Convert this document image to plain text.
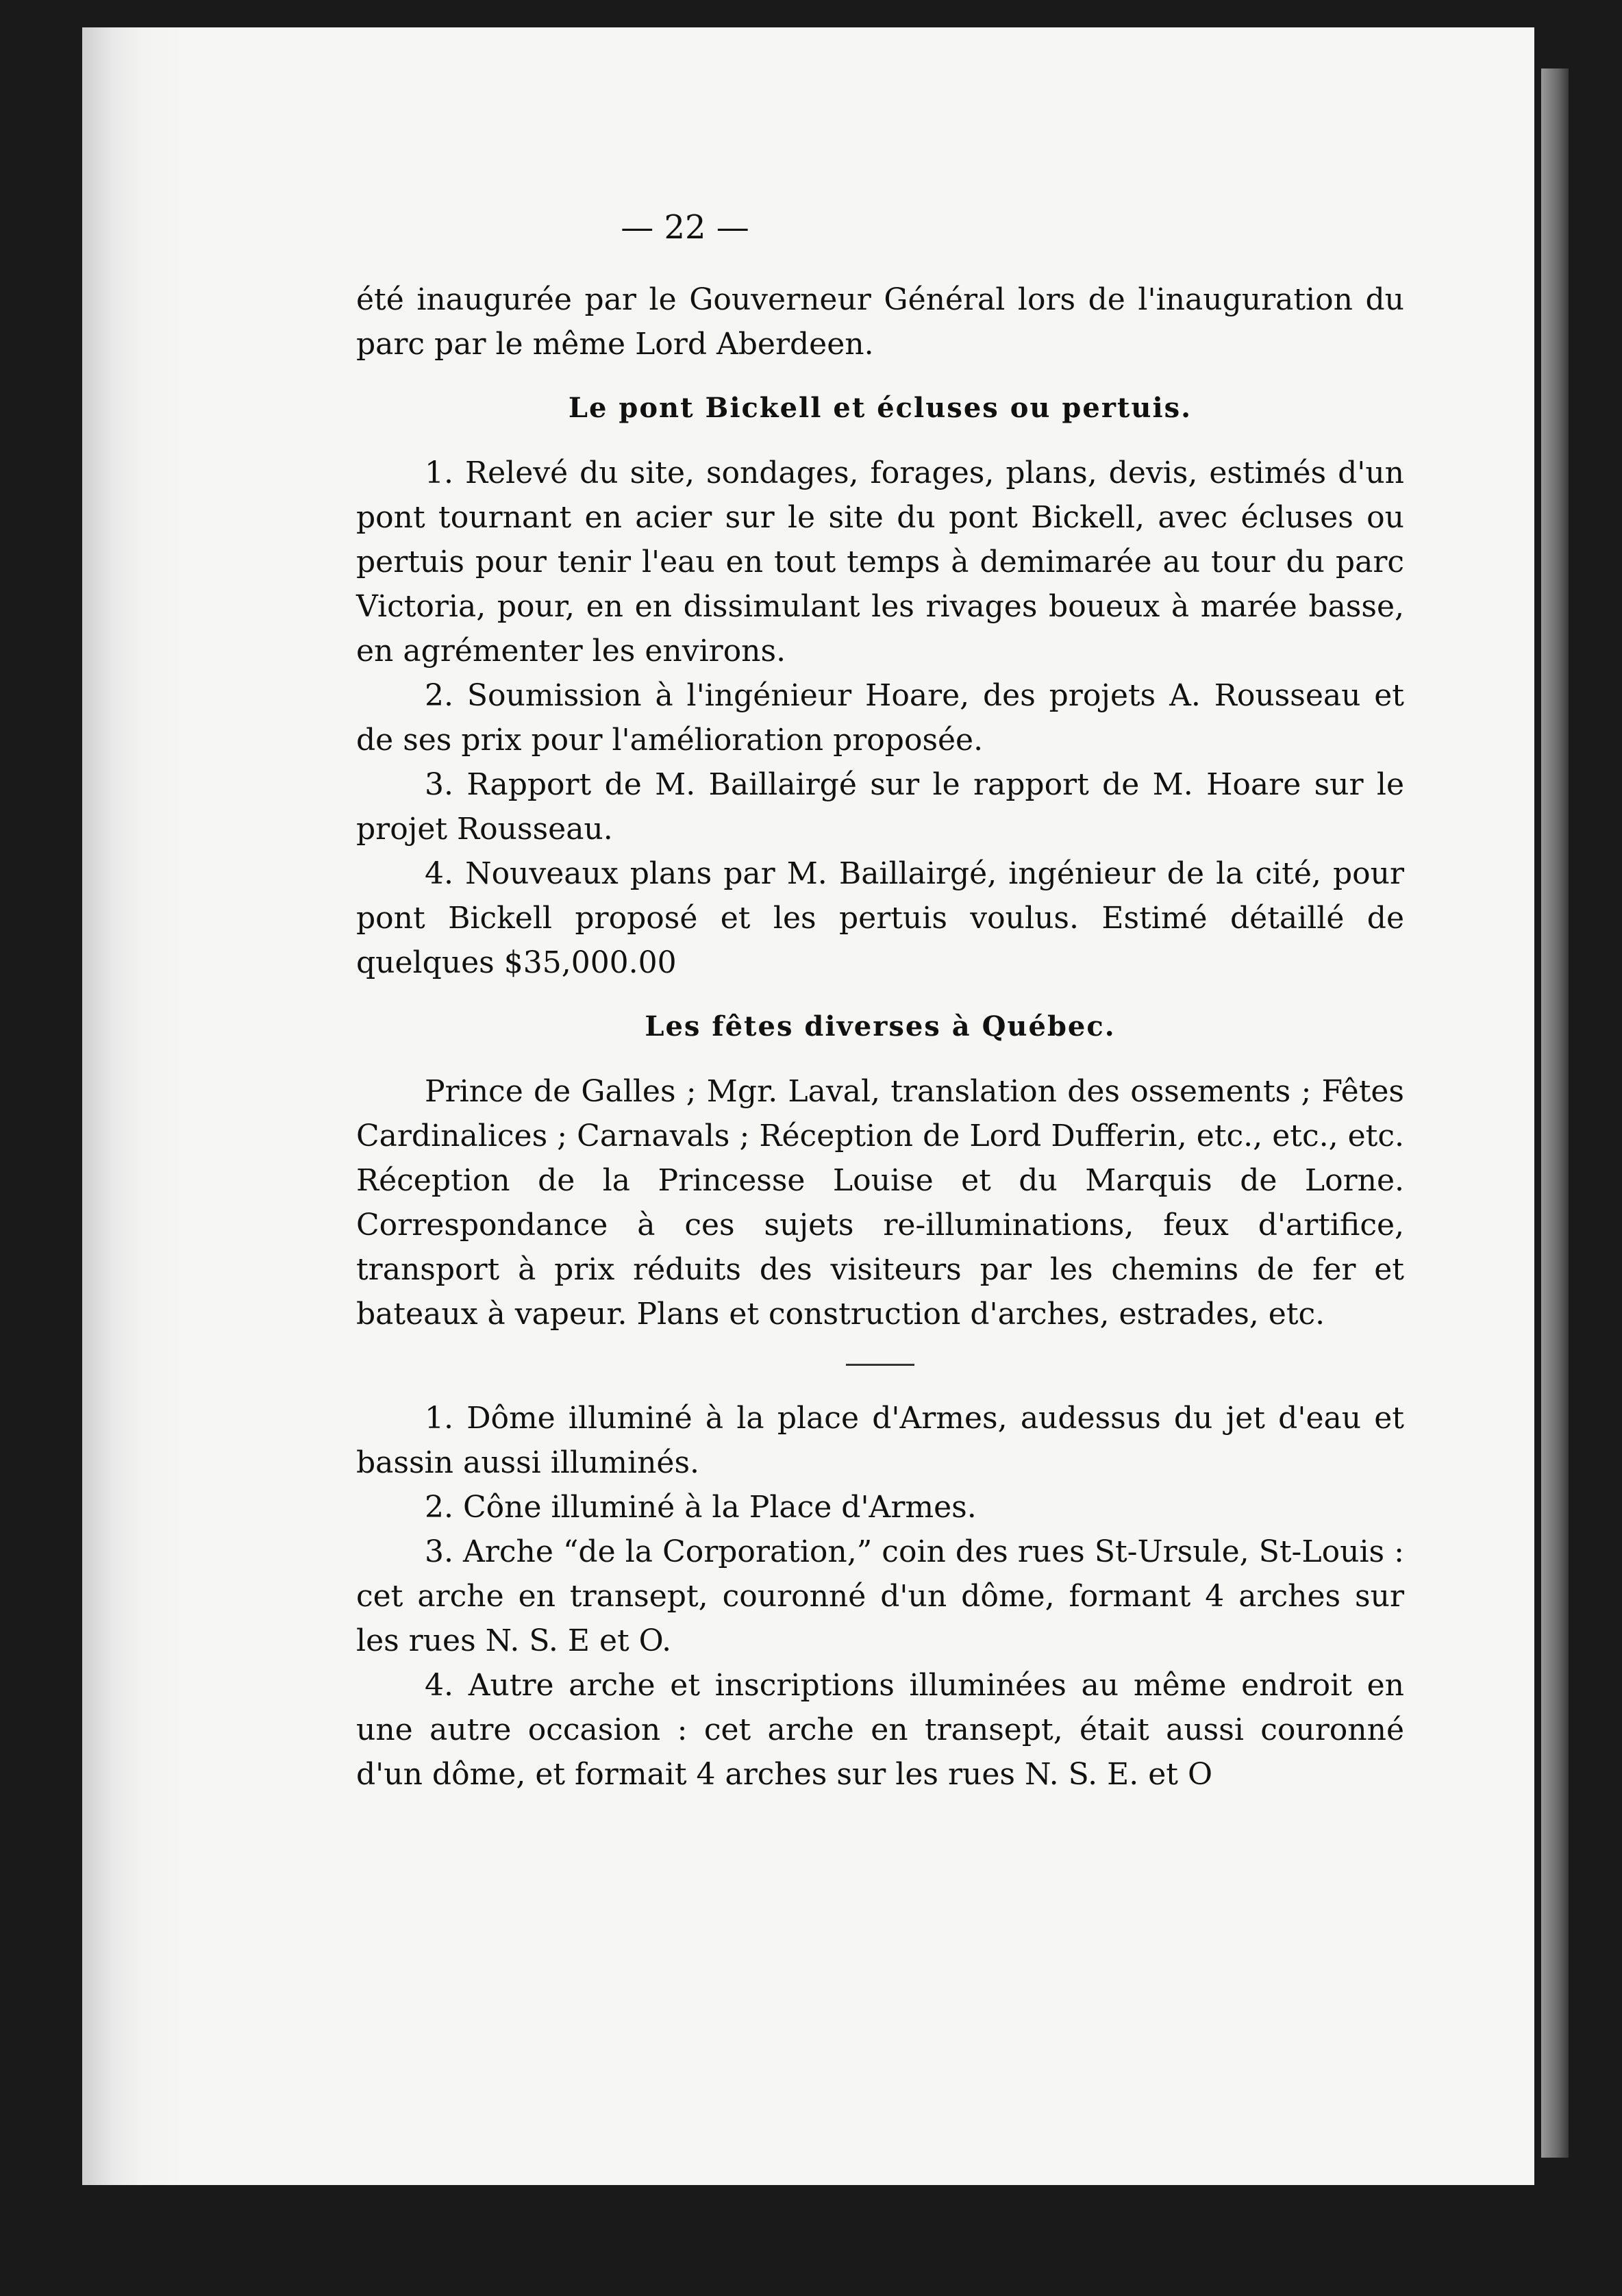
— 22 —

été inaugurée par le Gouverneur Général lors de l'inauguration du parc par le même Lord Aberdeen.

Le pont Bickell et écluses ou pertuis.

1. Relevé du site, sondages, forages, plans, devis, estimés d'un pont tournant en acier sur le site du pont Bickell, avec écluses ou pertuis pour tenir l'eau en tout temps à demimarée au tour du parc Victoria, pour, en en dissimulant les rivages boueux à marée basse, en agrémenter les environs.

2. Soumission à l'ingénieur Hoare, des projets A. Rousseau et de ses prix pour l'amélioration proposée.

3. Rapport de M. Baillairgé sur le rapport de M. Hoare sur le projet Rousseau.

4. Nouveaux plans par M. Baillairgé, ingénieur de la cité, pour pont Bickell proposé et les pertuis voulus. Estimé détaillé de quelques $35,000.00

Les fêtes diverses à Québec.

Prince de Galles ; Mgr. Laval, translation des ossements ; Fêtes Cardinalices ; Carnavals ; Réception de Lord Dufferin, etc., etc., etc. Réception de la Princesse Louise et du Marquis de Lorne. Correspondance à ces sujets re-illuminations, feux d'artifice, transport à prix réduits des visiteurs par les chemins de fer et bateaux à vapeur. Plans et construction d'arches, estrades, etc.

1. Dôme illuminé à la place d'Armes, audessus du jet d'eau et bassin aussi illuminés.

2. Cône illuminé à la Place d'Armes.

3. Arche “de la Corporation,” coin des rues St-Ursule, St-Louis : cet arche en transept, couronné d'un dôme, formant 4 arches sur les rues N. S. E et O.

4. Autre arche et inscriptions illuminées au même endroit en une autre occasion : cet arche en transept, était aussi couronné d'un dôme, et formait 4 arches sur les rues N. S. E. et O
